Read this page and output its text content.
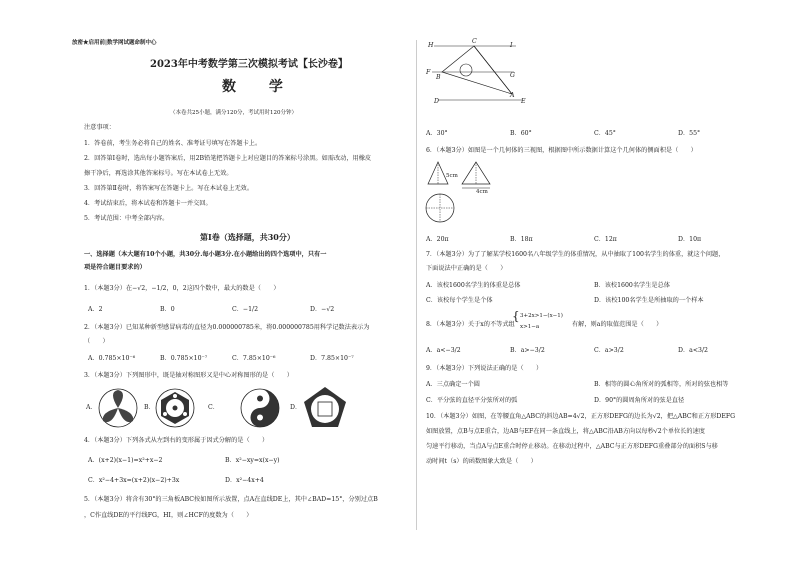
放密★启用前|数学网试题命制中心
2023年中考数学第三次模拟考试【长沙卷】
数 学
（本卷共25小题，满分120分，考试用时120分钟）
注意事项：
1．答卷前，考生务必将自己的姓名、准考证号填写在答题卡上。
2．回答第Ⅰ卷时，选出每小题答案后，用2B铅笔把答题卡上对应题目的答案标号涂黑。如需改动，用橡皮
擦干净后，再选涂其他答案标号。写在本试卷上无效。
3．回答第Ⅱ卷时，将答案写在答题卡上。写在本试卷上无效。
4．考试结束后，将本试卷和答题卡一并交回。
5．考试范围：中考全部内容。
第Ⅰ卷（选择题，共30分）
一、选择题（本大题有10个小题，共30分.每小题3分.在小题给出的四个选项中，只有一
项是符合题目要求的）
1．（本题3分）在−√2，−1/2，0，2这四个数中，最大的数是（　　）
A．2	B．0	C．−1/2	D．−√2
2．（本题3分）已知某种新型感冒病毒的直径为0.000000785米，将0.000000785用科学记数法表示为
（　　）
A．0.785×10⁻⁶	B．0.785×10⁻⁷	C．7.85×10⁻⁶	D．7.85×10⁻⁷
3．（本题3分）下列图形中，既是轴对称图形又是中心对称图形的是（　　）
A．	B．	C．	D．
4．（本题3分）下列各式从左到右的变形属于因式分解的是（　　）
A．(x+2)(x−1)=x²+x−2	B．x²−xy=x(x−y)
C．x²−4+3x=(x+2)(x−2)+3x	D．x²−4x+4
5．（本题3分）将含有30°的三角板ABC按如图所示放置，点A在直线DE上，其中∠BAD=15°，分别过点B
，C作直线DE的平行线FG，HI，则∠HCF的度数为（　　）
H
C
I
F
B	G
D
A
E
A．30°	B．60°	C．45°	D．55°
6．（本题3分）如图是一个几何体的三视图，根据图中所示数据计算这个几何体的侧面积是（　　）
5cm
4cm
A．20π	B．18π	C．12π	D．10π
7．（本题3分）为了了解某学校1600名八年级学生的体重情况，从中抽取了100名学生的体重，就这个问题，
下面说法中正确的是（　　）
A．该校1600名学生的体重是总体	B．该校1600名学生是总体
C．该校每个学生是个体	D．该校100名学生是所抽取的一个样本
8．（本题3分）关于x的不等式组
{ 3+2x>1−(x−1)
x>1−a	有解，则a的取值范围是（　　）
A．a<−3/2	B．a>−3/2	C．a>3/2	D．a<3/2
9．（本题3分）下列说法正确的是（　　）
A．三点确定一个圆	B．相等的圆心角所对的弧相等，所对的弦也相等
C．平分弦的直径平分弦所对的弧	D．90°的圆周角所对的弦是直径
10．（本题3分）如图，在等腰直角△ABC的斜边AB=4√2，正方形DEFG的边长为√2，把△ABC和正方形DEFG
如图放置，点B与点E重合，边AB与EF在同一条直线上，将△ABC沿AB方向以每秒√2个单位长的速度
匀速平行移动，当点A与点E重合时停止移动。在移动过程中，△ABC与正方形DEFG重叠部分的面积S与移
动时间t（s）的函数图象大致是（　　）
